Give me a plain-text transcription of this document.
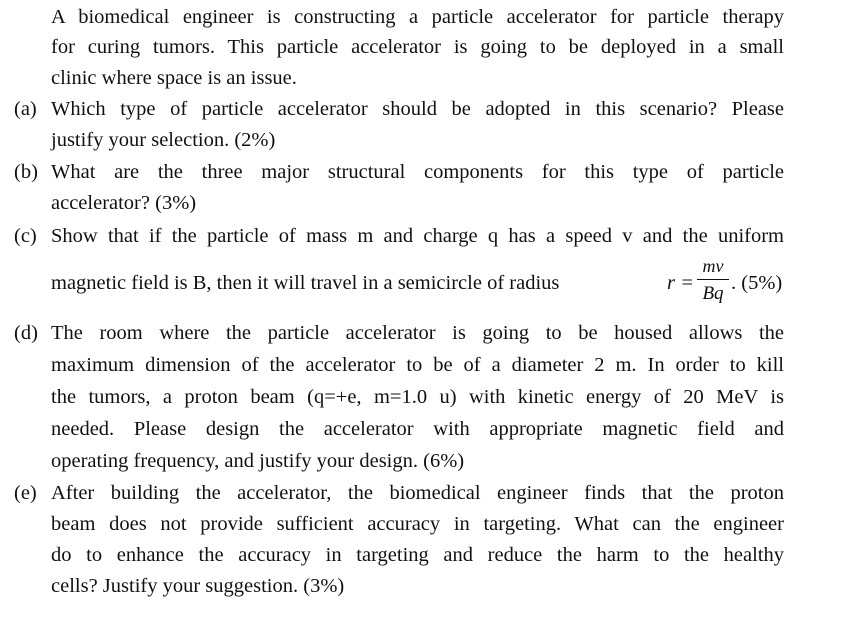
A biomedical engineer is constructing a particle accelerator for particle therapy
for curing tumors. This particle accelerator is going to be deployed in a small
clinic where space is an issue.
(a) Which type of particle accelerator should be adopted in this scenario? Please
justify your selection. (2%)
(b) What are the three major structural components for this type of particle
accelerator? (3%)
(c) Show that if the particle of mass m and charge q has a speed v and the uniform
magnetic field is B, then it will travel in a semicircle of radius	r =
mv
Bq . (5%)
(d) The room where the particle accelerator is going to be housed allows the
maximum dimension of the accelerator to be of a diameter 2 m. In order to kill
the tumors, a proton beam (q=+e, m=1.0 u) with kinetic energy of 20 MeV is
needed. Please design the accelerator with appropriate magnetic field and
operating frequency, and justify your design. (6%)
(e) After building the accelerator, the biomedical engineer finds that the proton
beam does not provide sufficient accuracy in targeting. What can the engineer
do to enhance the accuracy in targeting and reduce the harm to the healthy
cells? Justify your suggestion. (3%)
